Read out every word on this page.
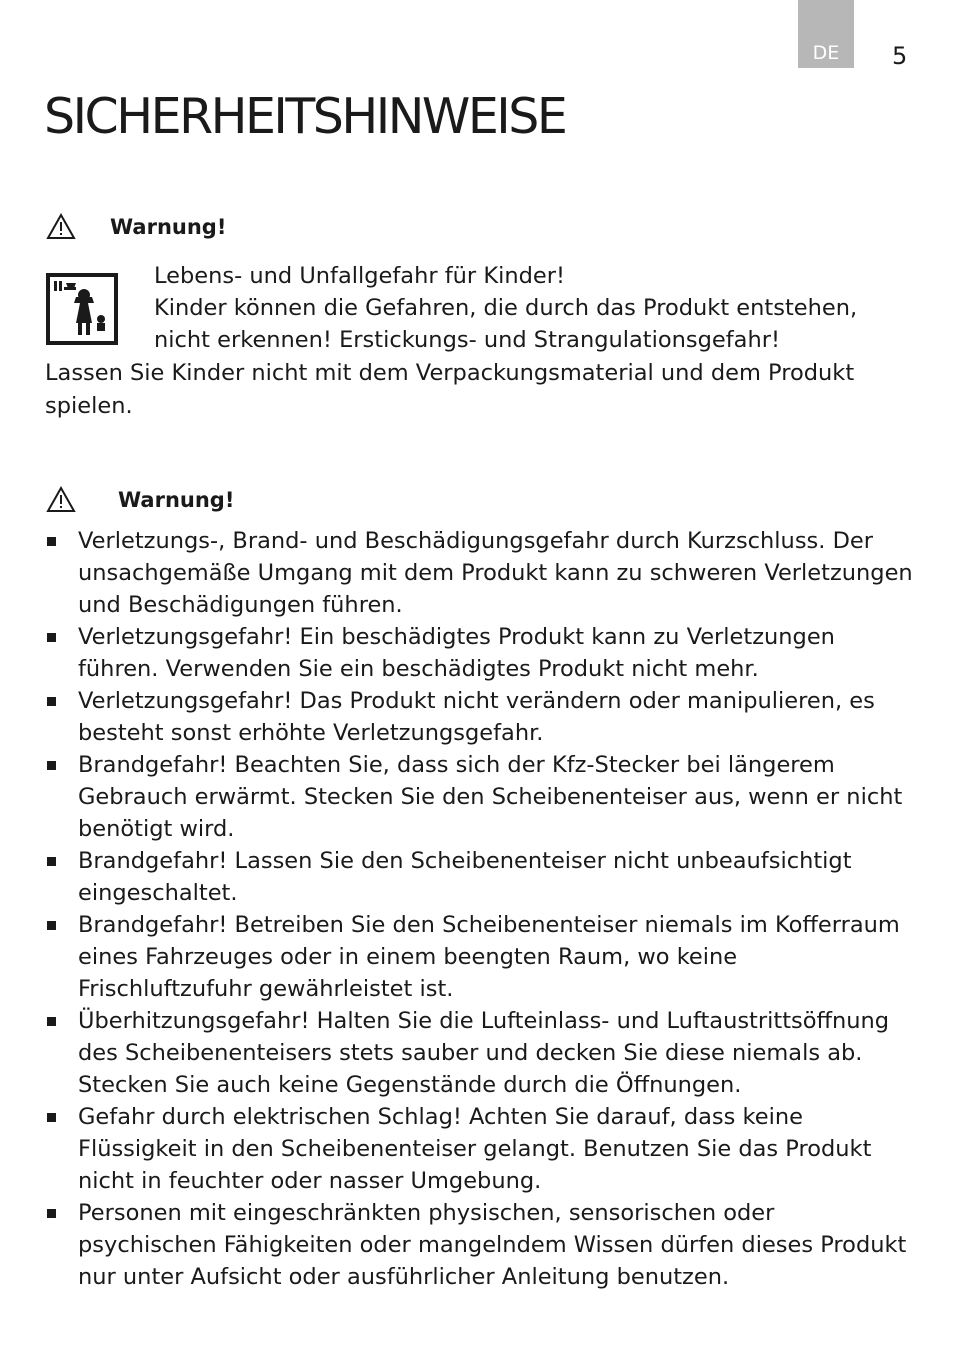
DE 5
SICHERHEITSHINWEISE
Warnung!
Lebens- und Unfallgefahr für Kinder!
Kinder können die Gefahren, die durch das Produkt entstehen,
nicht erkennen! Erstickungs- und Strangulationsgefahr!
Lassen Sie Kinder nicht mit dem Verpackungsmaterial und dem Produkt
spielen.
Warnung!
Verletzungs-, Brand- und Beschädigungsgefahr durch Kurzschluss. Der unsachgemäße Umgang mit dem Produkt kann zu schweren Verletzungen und Beschädigungen führen.
Verletzungsgefahr! Ein beschädigtes Produkt kann zu Verletzungen führen. Verwenden Sie ein beschädigtes Produkt nicht mehr.
Verletzungsgefahr! Das Produkt nicht verändern oder manipulieren, es besteht sonst erhöhte Verletzungsgefahr.
Brandgefahr! Beachten Sie, dass sich der Kfz-Stecker bei längerem Gebrauch erwärmt. Stecken Sie den Scheibenenteiser aus, wenn er nicht benötigt wird.
Brandgefahr! Lassen Sie den Scheibenenteiser nicht unbeaufsichtigt eingeschaltet.
Brandgefahr! Betreiben Sie den Scheibenenteiser niemals im Kofferraum eines Fahrzeuges oder in einem beengten Raum, wo keine Frischluftzufuhr gewährleistet ist.
Überhitzungsgefahr! Halten Sie die Lufteinlass- und Luftaustrittsöffnung des Scheibenenteisers stets sauber und decken Sie diese niemals ab. Stecken Sie auch keine Gegenstände durch die Öffnungen.
Gefahr durch elektrischen Schlag! Achten Sie darauf, dass keine Flüssigkeit in den Scheibenenteiser gelangt. Benutzen Sie das Produkt nicht in feuchter oder nasser Umgebung.
Personen mit eingeschränkten physischen, sensorischen oder psychischen Fähigkeiten oder mangelndem Wissen dürfen dieses Produkt nur unter Aufsicht oder ausführlicher Anleitung benutzen.
